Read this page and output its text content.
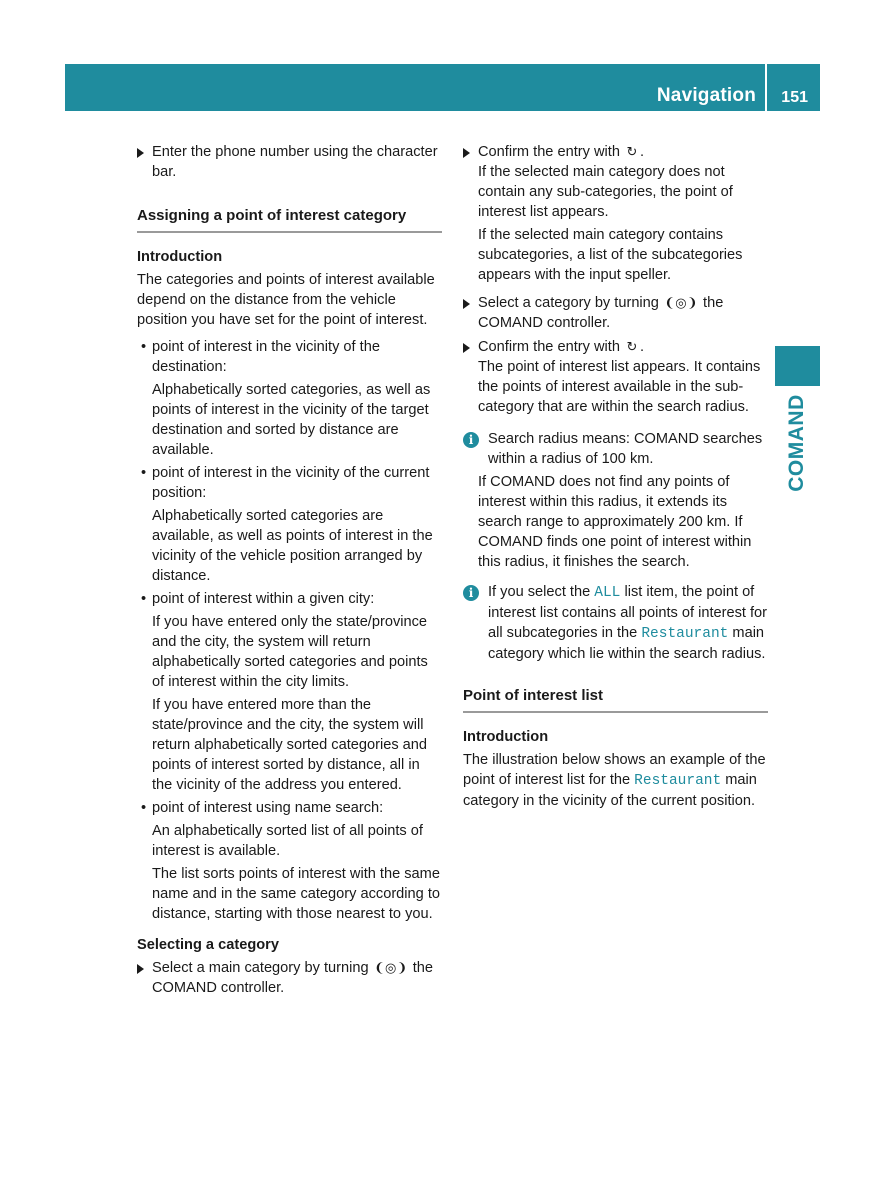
Navigation 151
COMAND

Enter the phone number using the character bar.

Assigning a point of interest category

Introduction

The categories and points of interest available depend on the distance from the vehicle position you have set for the point of interest.

• point of interest in the vicinity of the destination:

Alphabetically sorted categories, as well as points of interest in the vicinity of the target destination and sorted by distance are available.

• point of interest in the vicinity of the current position:

Alphabetically sorted categories are available, as well as points of interest in the vicinity of the vehicle position arranged by distance.

• point of interest within a given city:

If you have entered only the state/province and the city, the system will return alphabetically sorted categories and points of interest within the city limits.

If you have entered more than the state/province and the city, the system will return alphabetically sorted categories and points of interest sorted by distance, all in the vicinity of the address you entered.

• point of interest using name search:

An alphabetically sorted list of all points of interest is available.

The list sorts points of interest with the same name and in the same category according to distance, starting with those nearest to you.

Selecting a category

Select a main category by turning ❨◎❩ the COMAND controller.

Confirm the entry with ↻ .

If the selected main category does not contain any sub-categories, the point of interest list appears.

If the selected main category contains subcategories, a list of the subcategories appears with the input speller.

Select a category by turning ❨◎❩ the COMAND controller.

Confirm the entry with ↻ .

The point of interest list appears. It contains the points of interest available in the sub-category that are within the search radius.

i	Search radius means: COMAND searches within a radius of 100 km.

If COMAND does not find any points of interest within this radius, it extends its search range to approximately 200 km. If COMAND finds one point of interest within this radius, it finishes the search.

i	If you select the ALL list item, the point of interest list contains all points of interest for all subcategories in the Restaurant main category which lie within the search radius.

Point of interest list

Introduction

The illustration below shows an example of the point of interest list for the Restaurant main category in the vicinity of the current position.
